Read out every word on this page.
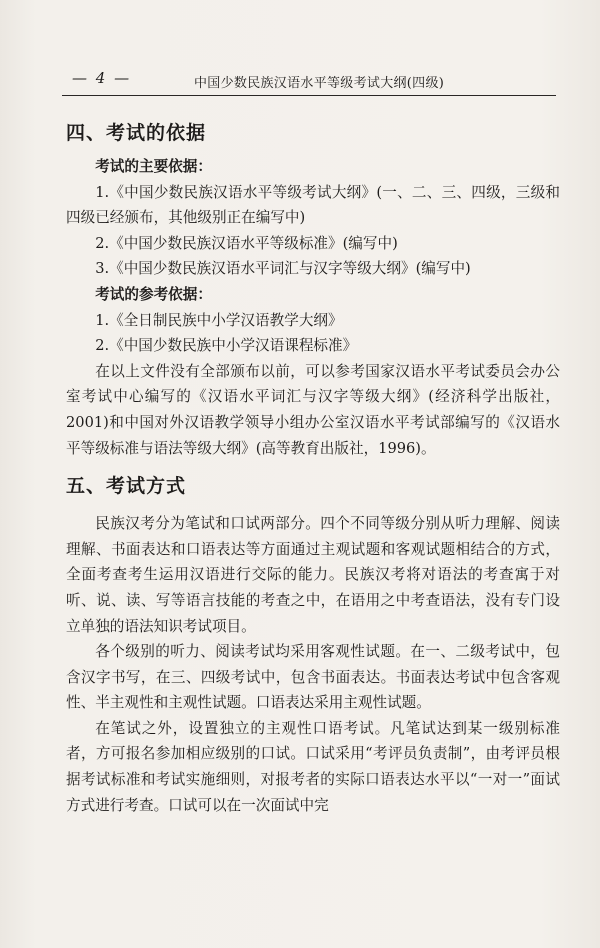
— 4 —	中国少数民族汉语水平等级考试大纲(四级)
四、考试的依据

考试的主要依据：

1.《中国少数民族汉语水平等级考试大纲》(一、二、三、四级，三级和四级已经颁布，其他级别正在编写中)

2.《中国少数民族汉语水平等级标准》(编写中)

3.《中国少数民族汉语水平词汇与汉字等级大纲》(编写中)

考试的参考依据：

1.《全日制民族中小学汉语教学大纲》

2.《中国少数民族中小学汉语课程标准》

在以上文件没有全部颁布以前，可以参考国家汉语水平考试委员会办公室考试中心编写的《汉语水平词汇与汉字等级大纲》(经济科学出版社，2001)和中国对外汉语教学领导小组办公室汉语水平考试部编写的《汉语水平等级标准与语法等级大纲》(高等教育出版社，1996)。

五、考试方式

民族汉考分为笔试和口试两部分。四个不同等级分别从听力理解、阅读理解、书面表达和口语表达等方面通过主观试题和客观试题相结合的方式，全面考查考生运用汉语进行交际的能力。民族汉考将对语法的考查寓于对听、说、读、写等语言技能的考查之中，在语用之中考查语法，没有专门设立单独的语法知识考试项目。

各个级别的听力、阅读考试均采用客观性试题。在一、二级考试中，包含汉字书写，在三、四级考试中，包含书面表达。书面表达考试中包含客观性、半主观性和主观性试题。口语表达采用主观性试题。

在笔试之外，设置独立的主观性口语考试。凡笔试达到某一级别标准者，方可报名参加相应级别的口试。口试采用“考评员负责制”，由考评员根据考试标准和考试实施细则，对报考者的实际口语表达水平以“一对一”面试方式进行考查。口试可以在一次面试中完
